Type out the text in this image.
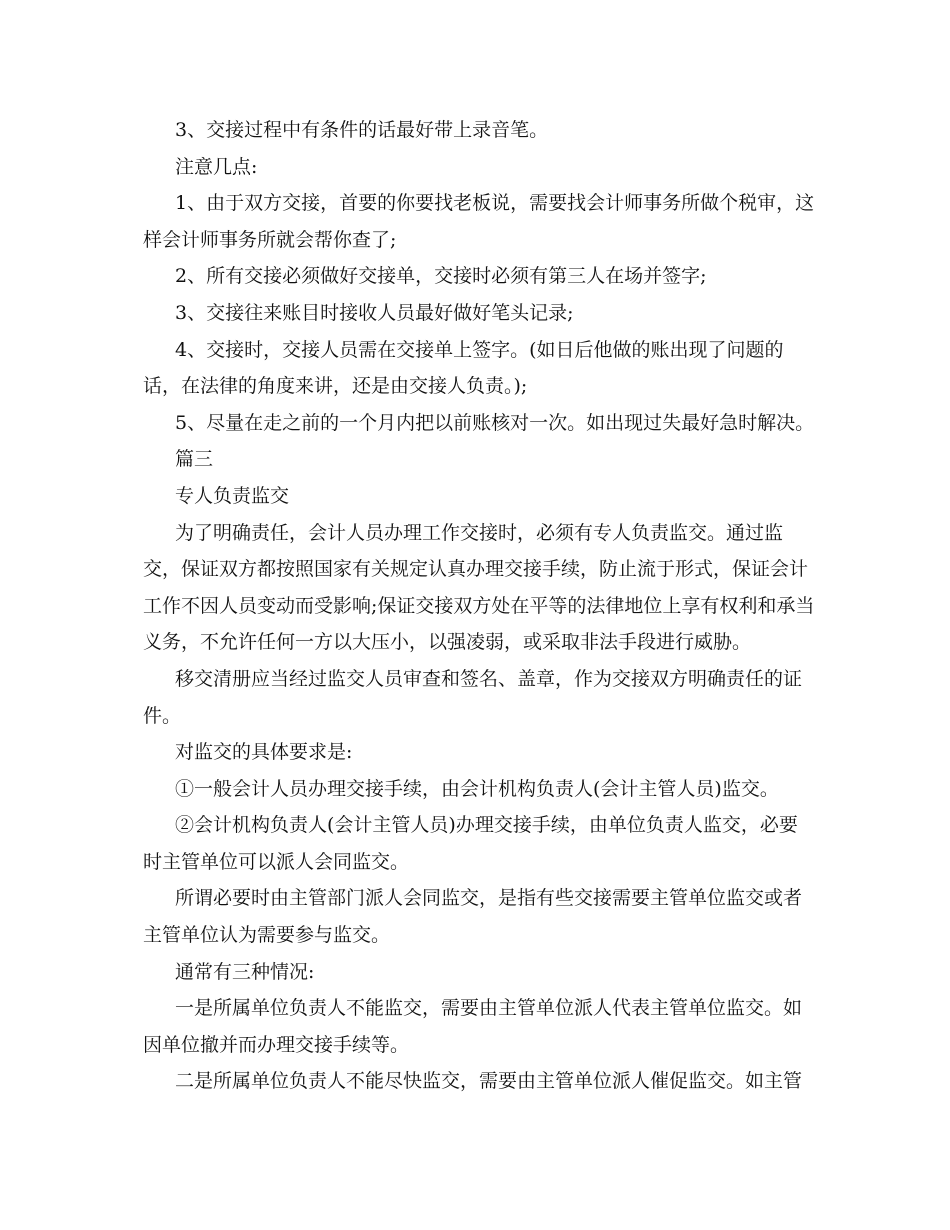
3、交接过程中有条件的话最好带上录音笔。
注意几点:
1、由于双方交接，首要的你要找老板说，需要找会计师事务所做个税审，这
样会计师事务所就会帮你查了;
2、所有交接必须做好交接单，交接时必须有第三人在场并签字;
3、交接往来账目时接收人员最好做好笔头记录;
4、交接时，交接人员需在交接单上签字。(如日后他做的账出现了问题的
话，在法律的角度来讲，还是由交接人负责。);
5、尽量在走之前的一个月内把以前账核对一次。如出现过失最好急时解决。
篇三
专人负责监交
为了明确责任，会计人员办理工作交接时，必须有专人负责监交。通过监
交，保证双方都按照国家有关规定认真办理交接手续，防止流于形式，保证会计
工作不因人员变动而受影响;保证交接双方处在平等的法律地位上享有权利和承当
义务，不允许任何一方以大压小，以强凌弱，或采取非法手段进行威胁。
移交清册应当经过监交人员审查和签名、盖章，作为交接双方明确责任的证
件。
对监交的具体要求是:
①一般会计人员办理交接手续，由会计机构负责人(会计主管人员)监交。
②会计机构负责人(会计主管人员)办理交接手续，由单位负责人监交，必要
时主管单位可以派人会同监交。
所谓必要时由主管部门派人会同监交，是指有些交接需要主管单位监交或者
主管单位认为需要参与监交。
通常有三种情况:
一是所属单位负责人不能监交，需要由主管单位派人代表主管单位监交。如
因单位撤并而办理交接手续等。
二是所属单位负责人不能尽快监交，需要由主管单位派人催促监交。如主管
